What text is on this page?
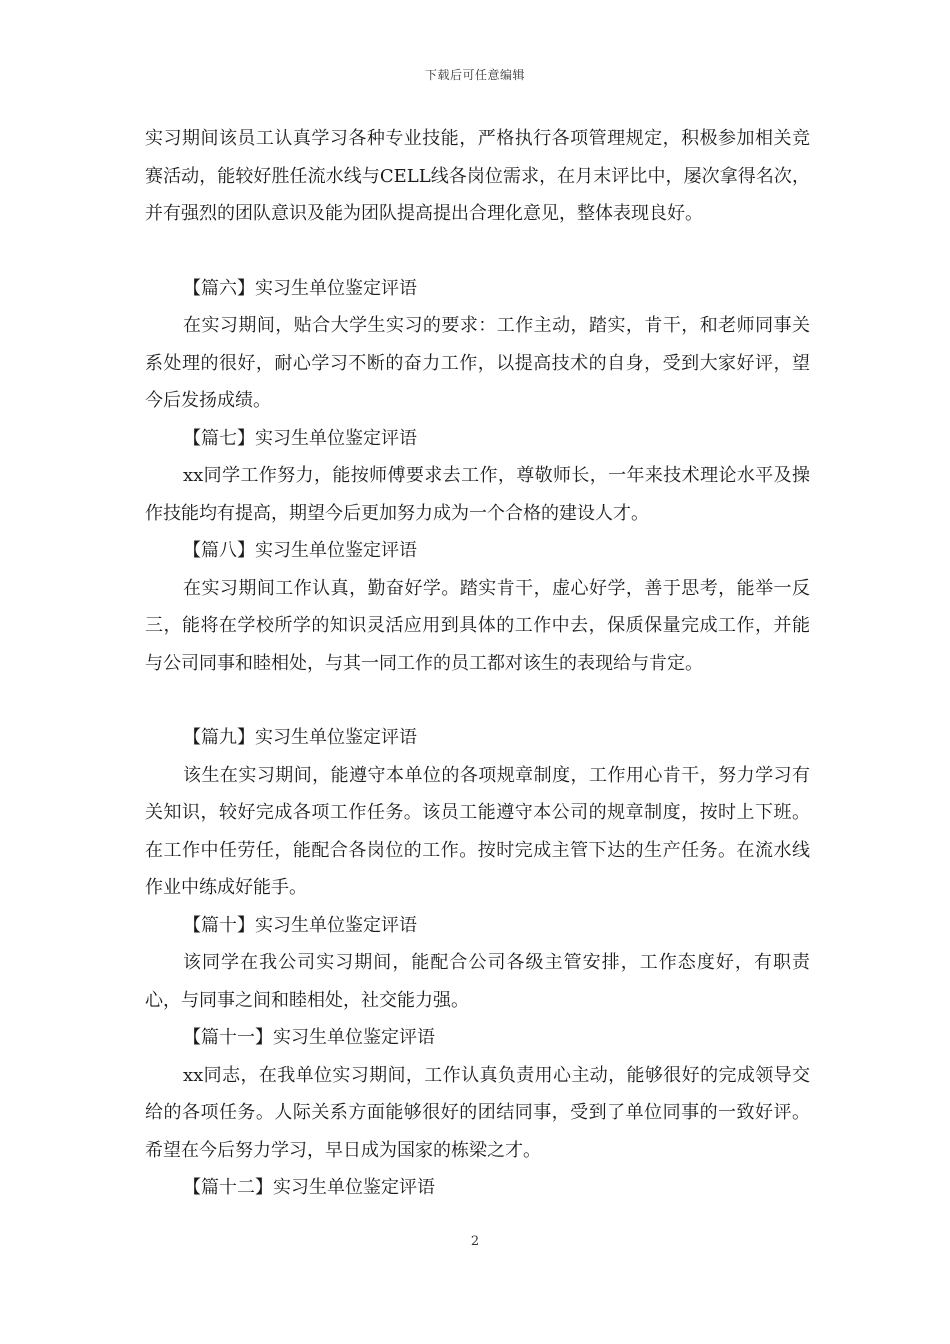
下载后可任意编辑

实习期间该员工认真学习各种专业技能，严格执行各项管理规定，积极参加相关竞赛活动，能较好胜任流水线与CELL线各岗位需求，在月末评比中，屡次拿得名次，并有强烈的团队意识及能为团队提高提出合理化意见，整体表现良好。

【篇六】实习生单位鉴定评语

在实习期间，贴合大学生实习的要求：工作主动，踏实，肯干，和老师同事关系处理的很好，耐心学习不断的奋力工作，以提高技术的自身，受到大家好评，望今后发扬成绩。

【篇七】实习生单位鉴定评语

xx同学工作努力，能按师傅要求去工作，尊敬师长，一年来技术理论水平及操作技能均有提高，期望今后更加努力成为一个合格的建设人才。

【篇八】实习生单位鉴定评语

在实习期间工作认真，勤奋好学。踏实肯干，虚心好学，善于思考，能举一反三，能将在学校所学的知识灵活应用到具体的工作中去，保质保量完成工作，并能与公司同事和睦相处，与其一同工作的员工都对该生的表现给与肯定。

【篇九】实习生单位鉴定评语

该生在实习期间，能遵守本单位的各项规章制度，工作用心肯干，努力学习有关知识，较好完成各项工作任务。该员工能遵守本公司的规章制度，按时上下班。在工作中任劳任，能配合各岗位的工作。按时完成主管下达的生产任务。在流水线作业中练成好能手。

【篇十】实习生单位鉴定评语

该同学在我公司实习期间，能配合公司各级主管安排，工作态度好，有职责心，与同事之间和睦相处，社交能力强。

【篇十一】实习生单位鉴定评语

xx同志，在我单位实习期间，工作认真负责用心主动，能够很好的完成领导交给的各项任务。人际关系方面能够很好的团结同事，受到了单位同事的一致好评。希望在今后努力学习，早日成为国家的栋梁之才。

【篇十二】实习生单位鉴定评语

2
